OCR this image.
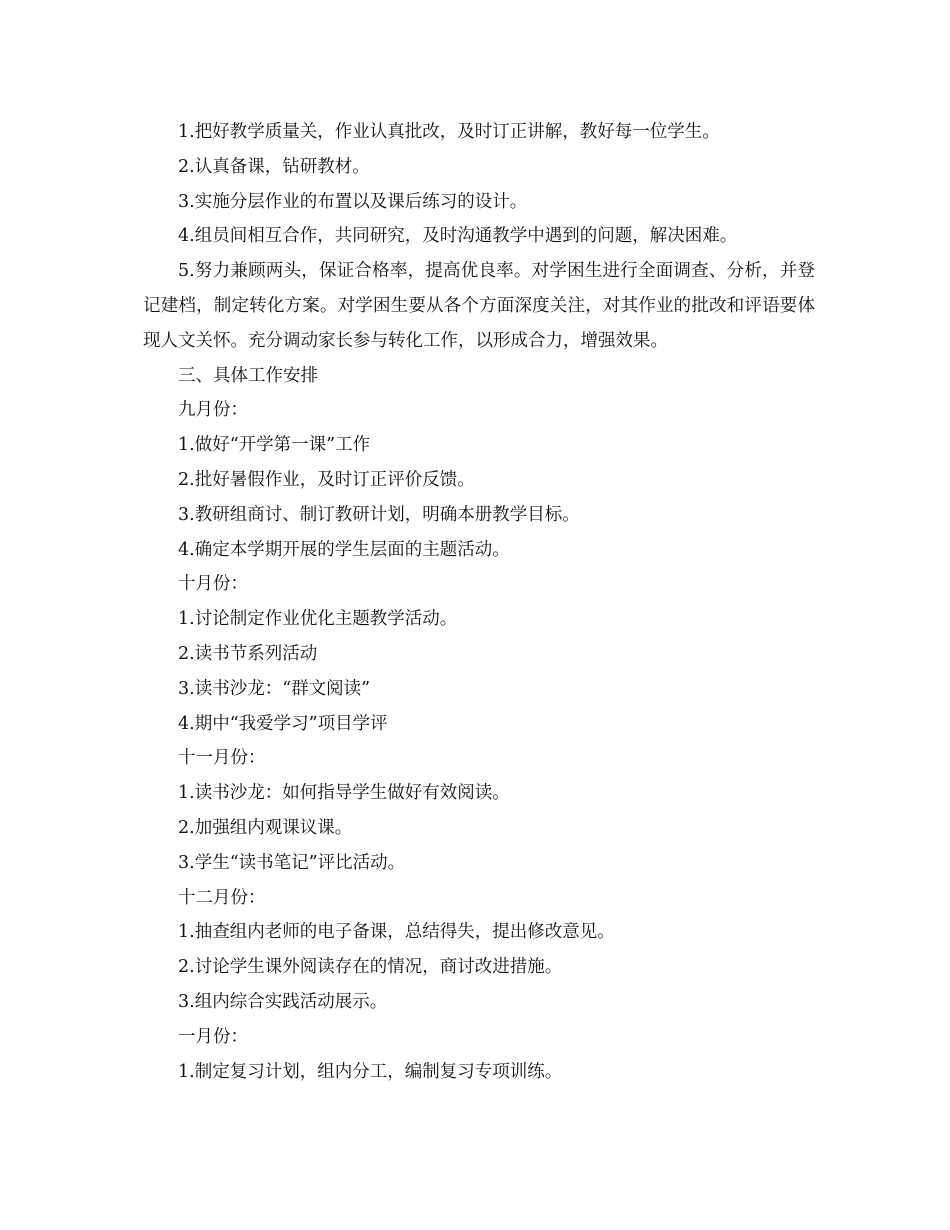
1.把好教学质量关，作业认真批改，及时订正讲解，教好每一位学生。

2.认真备课，钻研教材。

3.实施分层作业的布置以及课后练习的设计。

4.组员间相互合作，共同研究，及时沟通教学中遇到的问题，解决困难。

5.努力兼顾两头，保证合格率，提高优良率。对学困生进行全面调查、分析，并登记建档，制定转化方案。对学困生要从各个方面深度关注，对其作业的批改和评语要体现人文关怀。充分调动家长参与转化工作，以形成合力，增强效果。

三、具体工作安排

九月份：

1.做好“开学第一课”工作

2.批好暑假作业，及时订正评价反馈。

3.教研组商讨、制订教研计划，明确本册教学目标。

4.确定本学期开展的学生层面的主题活动。

十月份：

1.讨论制定作业优化主题教学活动。

2.读书节系列活动

3.读书沙龙：“群文阅读”

4.期中“我爱学习”项目学评

十一月份：

1.读书沙龙：如何指导学生做好有效阅读。

2.加强组内观课议课。

3.学生“读书笔记”评比活动。

十二月份：

1.抽查组内老师的电子备课，总结得失，提出修改意见。

2.讨论学生课外阅读存在的情况，商讨改进措施。

3.组内综合实践活动展示。

一月份：

1.制定复习计划，组内分工，编制复习专项训练。
